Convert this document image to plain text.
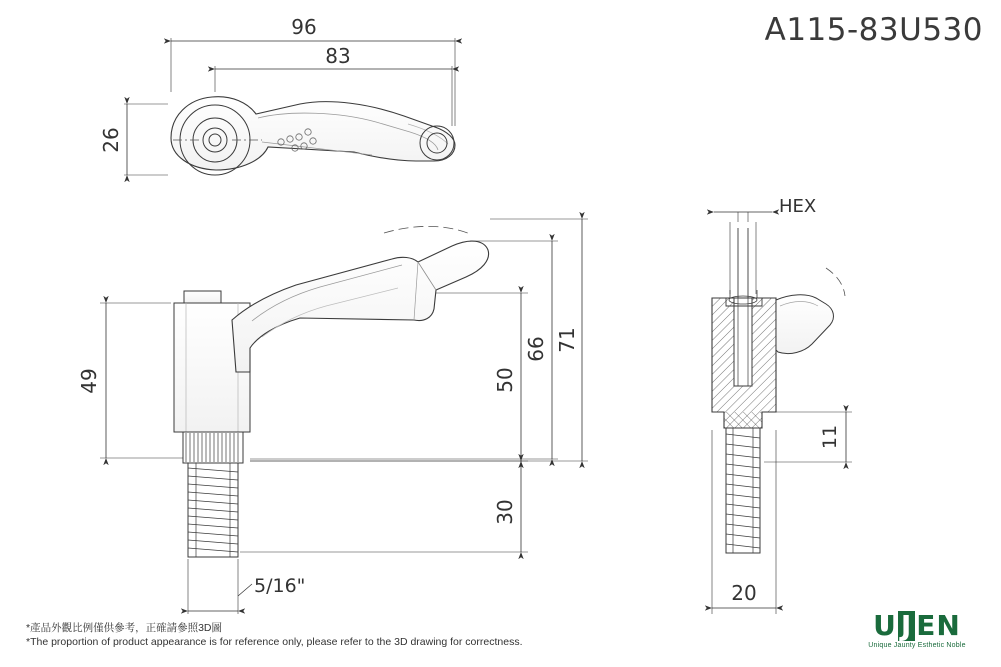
A115-83U530
96
83
26
49
71
66
50
30
5/16"
HEX
11
20
*產品外觀比例僅供參考，正確請參照3D圖
*The proportion of product appearance is for reference only, please refer to the 3D drawing for correctness.	U J EN
Unique Jaunty Esthetic Noble
